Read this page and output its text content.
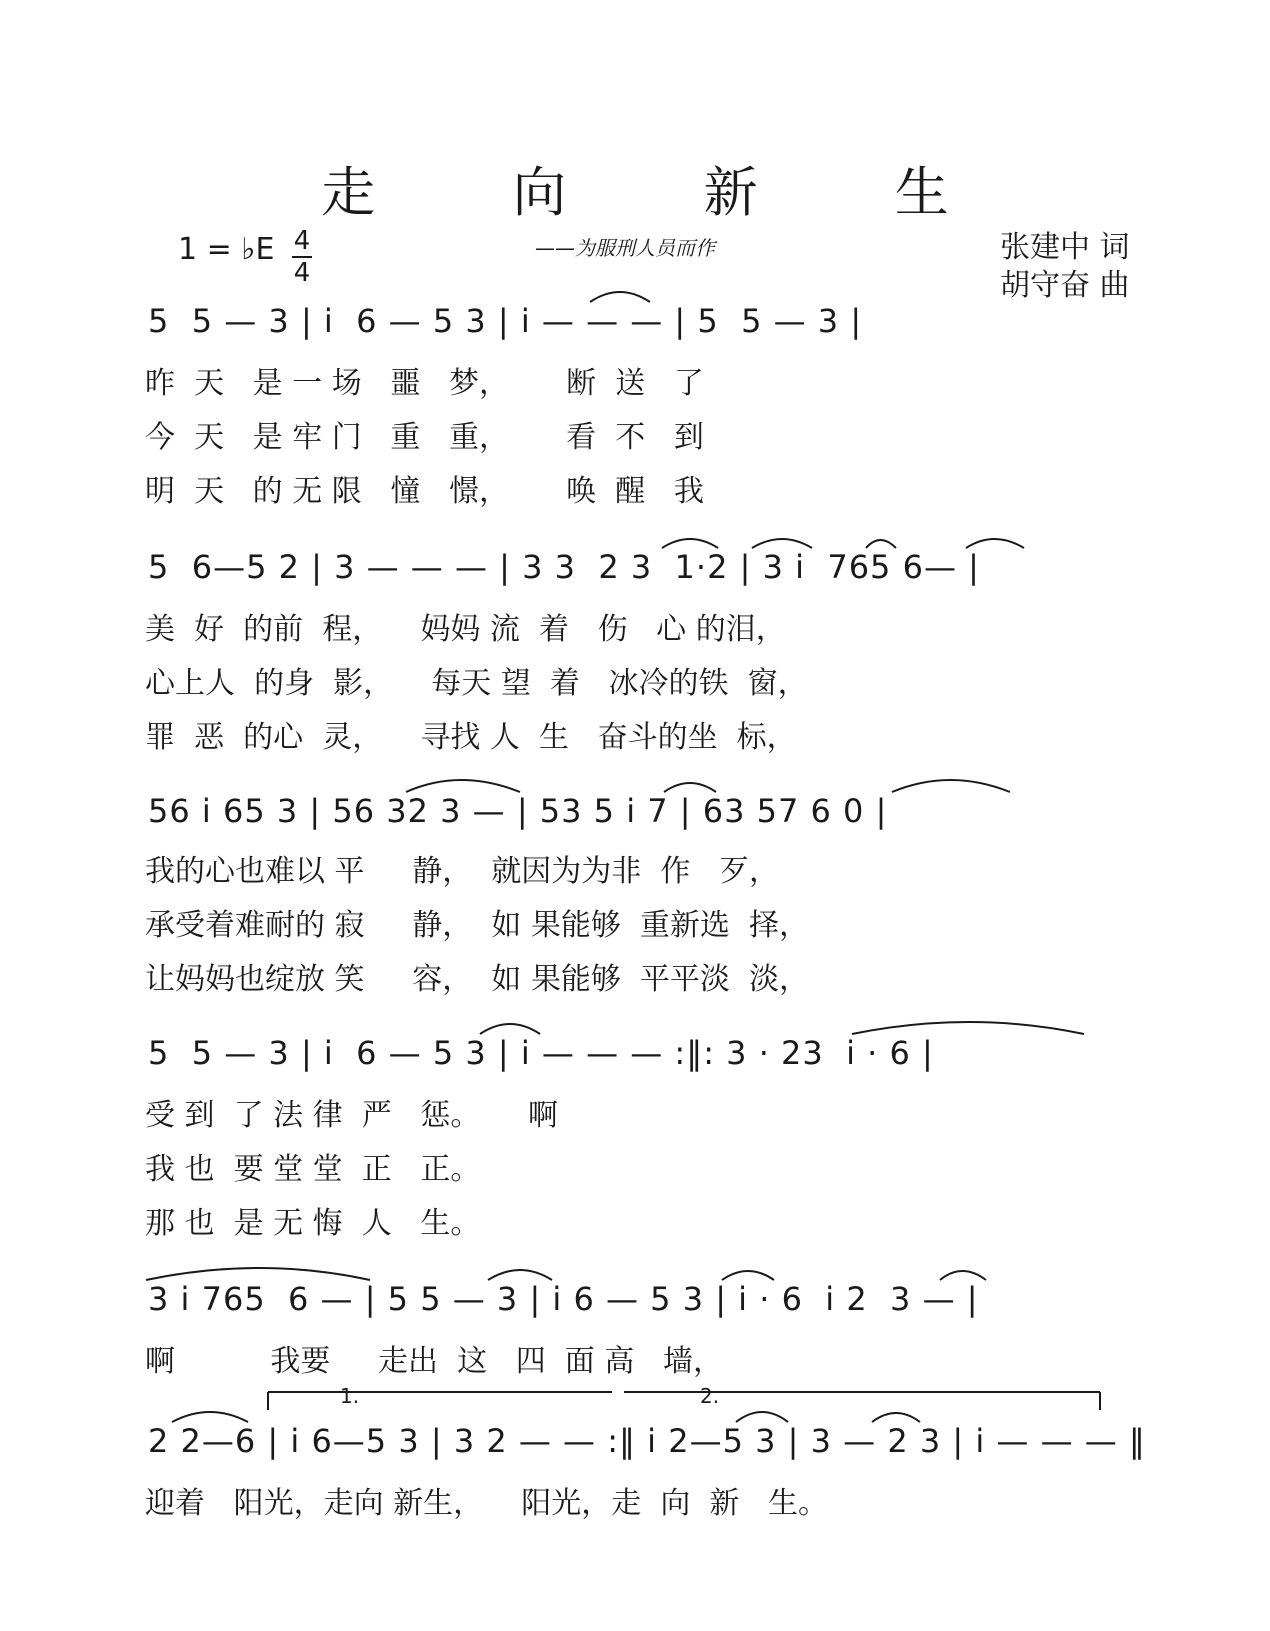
走 向 新 生
1 = ♭E 4
4
——为服刑人员而作	张建中 词
胡守奋 曲
5  5 — 3 | i  6 — 5 3 | i — — — | 5  5 — 3 |
昨  天   是 一 场   噩   梦，      断  送   了
今  天   是 牢 门   重   重，      看  不   到
明  天   的 无 限   憧   憬，      唤  醒   我
5  6—5 2 | 3 — — — | 3 3  2 3  1·2 | 3 i  765 6— |
美  好  的前  程，    妈妈 流  着   伤   心 的泪，
心上人  的身  影，    每天 望  着   冰冷的铁  窗，
罪  恶  的心  灵，    寻找 人  生   奋斗的坐  标，
56 i 65 3 | 56 32 3 — | 53 5 i 7 | 63 57 6 0 |
我的心也难以 平     静，  就因为为非  作   歹，
承受着难耐的 寂     静，  如 果能够  重新选  择，
让妈妈也绽放 笑     容，  如 果能够  平平淡  淡，
5  5 — 3 | i  6 — 5 3 | i — — — :‖: 3 · 23  i · 6 |
受 到  了 法 律  严   惩。     啊
我 也  要 堂 堂  正   正。
那 也  是 无 悔  人   生。
3 i 765  6 — | 5 5 — 3 | i 6 — 5 3 | i · 6  i 2  3 — |
啊          我要     走出  这   四  面 高   墙，
1.	2.
2 2—6 | i 6—5 3 | 3 2 — — :‖ i 2—5 3 | 3 — 2 3 | i — — — ‖
迎着   阳光，走向 新生，    阳光，走  向  新   生。
